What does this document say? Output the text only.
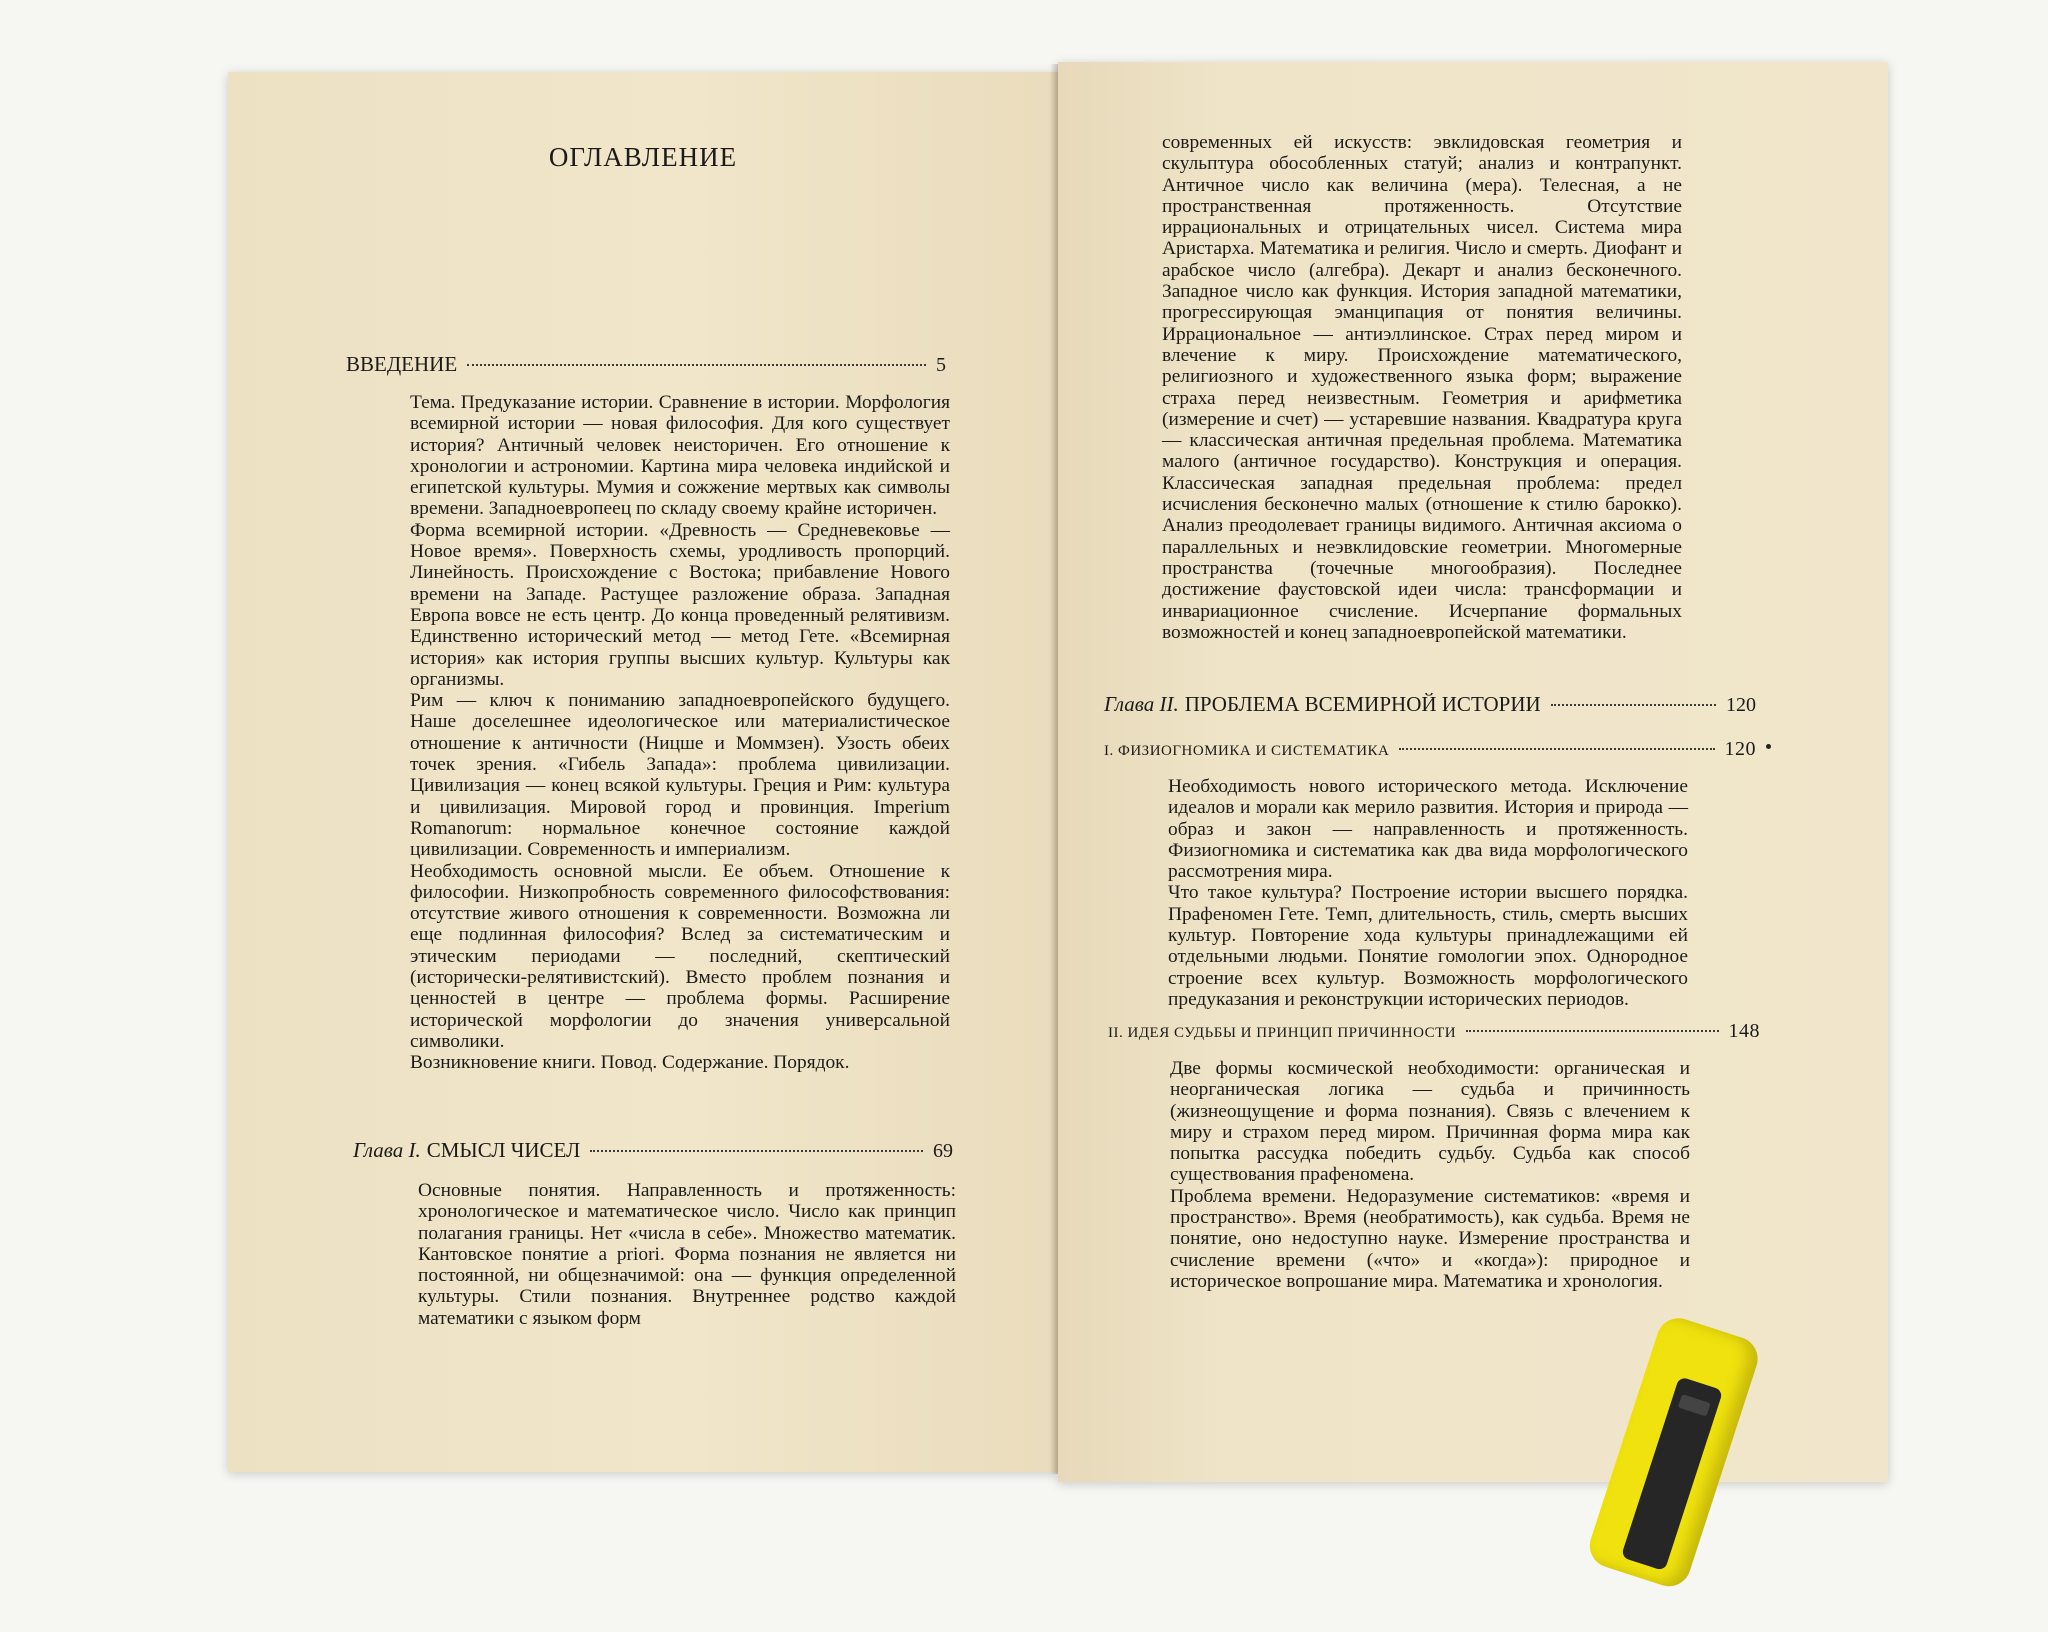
ОГЛАВЛЕНИЕ
ВВЕДЕНИЕ	5

Тема. Предуказание истории. Сравнение в истории. Морфология всемирной истории — новая философия. Для кого существует история? Античный человек неисторичен. Его отношение к хронологии и астрономии. Картина мира человека индийской и египетской культуры. Мумия и сожжение мертвых как символы времени. Западноевропеец по складу своему крайне историчен.

Форма всемирной истории. «Древность — Средневековье — Новое время». Поверхность схемы, уродливость пропорций. Линейность. Происхождение с Востока; прибавление Нового времени на Западе. Растущее разложение образа. Западная Европа вовсе не есть центр. До конца проведенный релятивизм. Единственно исторический метод — метод Гете. «Всемирная история» как история группы высших культур. Культуры как организмы.

Рим — ключ к пониманию западноевропейского будущего. Наше доселешнее идеологическое или материалистическое отношение к античности (Ницше и Моммзен). Узость обеих точек зрения. «Гибель Запада»: проблема цивилизации. Цивилизация — конец всякой культуры. Греция и Рим: культура и цивилизация. Мировой город и провинция. Imperium Romanorum: нормальное конечное состояние каждой цивилизации. Современность и империализм.

Необходимость основной мысли. Ее объем. Отношение к философии. Низкопробность современного философствования: отсутствие живого отношения к современности. Возможна ли еще подлинная философия? Вслед за систематическим и этическим периодами — последний, скептический (исторически-релятивистский). Вместо проблем познания и ценностей в центре — проблема формы. Расширение исторической морфологии до значения универсальной символики.

Возникновение книги. Повод. Содержание. Порядок.

Глава I. СМЫСЛ ЧИСЕЛ	69

Основные понятия. Направленность и протяженность: хронологическое и математическое число. Число как принцип полагания границы. Нет «числа в себе». Множество математик. Кантовское понятие a priori. Форма познания не является ни постоянной, ни общезначимой: она — функция определенной культуры. Стили познания. Внутреннее родство каждой математики с языком форм

современных ей искусств: эвклидовская геометрия и скульптура обособленных статуй; анализ и контрапункт. Античное число как величина (мера). Телесная, а не пространственная протяженность. Отсутствие иррациональных и отрицательных чисел. Система мира Аристарха. Математика и религия. Число и смерть. Диофант и арабское число (алгебра). Декарт и анализ бесконечного. Западное число как функция. История западной математики, прогрессирующая эманципация от понятия величины. Иррациональное — антиэллинское. Страх перед миром и влечение к миру. Происхождение математического, религиозного и художественного языка форм; выражение страха перед неизвестным. Геометрия и арифметика (измерение и счет) — устаревшие названия. Квадратура круга — классическая античная предельная проблема. Математика малого (античное государство). Конструкция и операция. Классическая западная предельная проблема: предел исчисления бесконечно малых (отношение к стилю барокко). Анализ преодолевает границы видимого. Античная аксиома о параллельных и неэвклидовские геометрии. Многомерные пространства (точечные многообразия). Последнее достижение фаустовской идеи числа: трансформации и инвариационное счисление. Исчерпание формальных возможностей и конец западноевропейской математики.

Глава II. ПРОБЛЕМА ВСЕМИРНОЙ ИСТОРИИ	120
I. ФИЗИОГНОМИКА И СИСТЕМАТИКА	120

Необходимость нового исторического метода. Исключение идеалов и морали как мерило развития. История и природа — образ и закон — направленность и протяженность. Физиогномика и систематика как два вида морфологического рассмотрения мира.

Что такое культура? Построение истории высшего порядка. Прафеномен Гете. Темп, длительность, стиль, смерть высших культур. Повторение хода культуры принадлежащими ей отдельными людьми. Понятие гомологии эпох. Однородное строение всех культур. Возможность морфологического предуказания и реконструкции исторических периодов.

II. ИДЕЯ СУДЬБЫ И ПРИНЦИП ПРИЧИННОСТИ	148

Две формы космической необходимости: органическая и неорганическая логика — судьба и причинность (жизнеощущение и форма познания). Связь с влечением к миру и страхом перед миром. Причинная форма мира как попытка рассудка победить судьбу. Судьба как способ существования прафеномена.

Проблема времени. Недоразумение систематиков: «время и пространство». Время (необратимость), как судьба. Время не понятие, оно недоступно науке. Измерение пространства и счисление времени («что» и «когда»): природное и историческое вопрошание мира. Математика и хронология.
